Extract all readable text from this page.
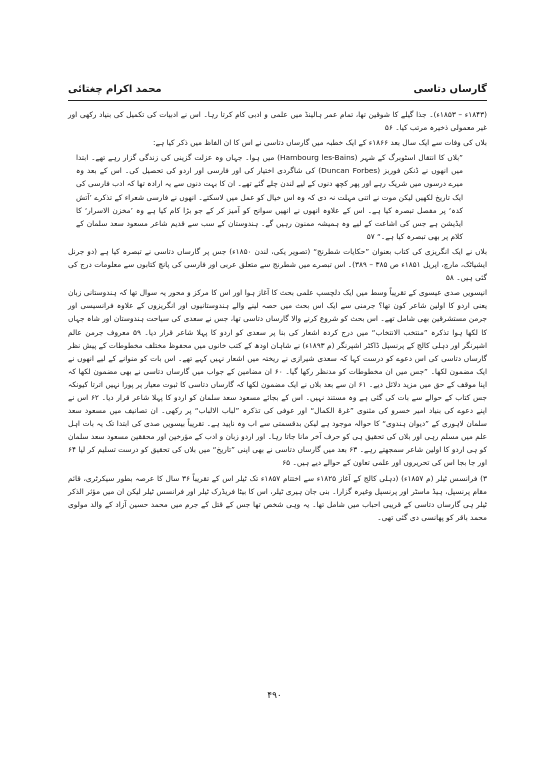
گارساں دتاسی
محمد اکرام چغتائی

(۱۸۴۳ء – ۱۸۵۳ء)۔ جذا گیلے کا شوقین تھا، تمام عمر ہالینڈ میں علمی و ادبی کام کرتا رہا۔ اس نے ادبیات کی تکمیل کی بنیاد رکھی اور غیر معمولی ذخیرہ مرتب کیا۔ ۵۶

بلاں کی وفات سے ایک سال بعد ۱۸۶۶ء کے ایک خطبہ میں گارساں دتاسی نے اس کا ان الفاظ میں ذکر کیا ہے:

”بلاں کا انتقال اسٹوبرگ کے شہر (Hambourg les-Bains) میں ہوا۔ جہاں وہ عزلت گزینی کی زندگی گزار رہے تھے۔ ابتدا میں انھوں نے ڈنکن فوربز (Duncan Forbes) کی شاگردی اختیار کی اور فارسی اور اردو کی تحصیل کی۔ اس کے بعد وہ میرے درسوں میں شریک رہے اور پھر کچھ دنوں کے لیے لندن چلے گئے تھے۔ ان کا بہت دنوں سے یہ ارادہ تھا کہ ادب فارسی کی ایک تاریخ لکھیں لیکن موت نے اتنی مہلت نہ دی کہ وہ اس خیال کو عمل میں لاسکتے۔ انھوں نے فارسی شعراء کے تذکرے ’آتش کدہ‘ پر مفصل تبصرہ کیا ہے۔ اس کے علاوہ انھوں نے انھیں سوانح کو آمیز کر کے جو بڑا کام کیا ہے وہ ’مخزن الاسرار‘ کا ایڈیشن ہے جس کی اشاعت کے لیے وہ ہمیشہ ممنون رہیں گے۔ ہندوستان کے سب سے قدیم شاعر مسعود سعد سلمان کے کلام پر بھی تبصرہ کیا ہے۔“ ۵۷

بلاں نے ایک انگریزی کی کتاب بعنوان ”حکایات شطرنج“ (تصویر یکی، لندن ۱۸۵۰ء) جس پر گارساں دتاسی نے تبصرہ کیا ہے (دو جرنل ایشیاٹک، مارچ، اپریل ۱۸۵۱ء ص ۳۸۵ – ۳۸۹)۔ اس تبصرے میں شطرنج سے متعلق عربی اور فارسی کی پانچ کتابوں سے معلومات درج کی گئی ہیں۔ ۵۸

انیسویں صدی عیسوی کے تقریباً وسط میں ایک دلچسپ علمی بحث کا آغاز ہوا اور اس کا مرکز و محور یہ سوال تھا کہ ہندوستانی زبان یعنی اردو کا اولین شاعر کون تھا؟ جرمنی سے ایک اس بحث میں حصہ لینے والے ہندوستانیوں اور انگریزوں کے علاوہ فرانسیسی اور جرمن مستشرقین بھی شامل تھے۔ اس بحث کو شروع کرنے والا گارساں دتاسی تھا، جس نے سعدی کی سیاحت ہندوستان اور شاہ جہاں کا لکھا ہوا تذکرہ ”منتخب الانتخاب“ میں درج کردہ اشعار کی بنا پر سعدی کو اردو کا پہلا شاعر قرار دیا۔ ۵۹ معروف جرمن عالم اشپرنگر اور دہلی کالج کے پرنسپل ڈاکٹر اشپرنگر (م ۱۸۹۳ء) نے شاہان اودھ کے کتب خانوں میں محفوظ مختلف مخطوطات کے پیش نظر گارساں دتاسی کی اس دعوے کو درست کہا کہ سعدی شیرازی نے ریختہ میں اشعار نہیں کہے تھے۔ اس بات کو منوانے کے لیے انھوں نے ایک مضمون لکھا۔ ”جس میں ان مخطوطات کو مدنظر رکھا گیا۔ ۶۰ ان مضامین کے جواب میں گارساں دتاسی نے بھی مضمون لکھا کہ اپنا موقف کے حق میں مزید دلائل دیے۔ ۶۱ ان سے بعد بلاں نے ایک مضمون لکھا کہ گارساں دتاسی کا ثبوت معیار پر پورا نہیں اترتا کیونکہ جس کتاب کے حوالے سے بات کی گئی ہے وہ مستند نہیں۔ اس کے بجائے مسعود سعد سلمان کو اردو کا پہلا شاعر قرار دیا۔ ۶۲ اس نے اپنے دعوے کی بنیاد امیر خسرو کی مثنوی ”غرۃ الکمال“ اور عوفی کی تذکرہ ”لباب الالباب“ پر رکھی۔ ان تصانیف میں مسعود سعد سلمان لاہوری کے ”دیوان ہندوی“ کا حوالہ موجود ہے لیکن بدقسمتی سے اب وہ ناپید ہے۔ تقریباً بیسویں صدی کی ابتدا تک یہ بات اہل علم میں مسلم رہی اور بلاں کی تحقیق ہی کو حرف آخر مانا جاتا رہا۔ اور اردو زبان و ادب کے مؤرخین اور محققین مسعود سعد سلمان کو ہی اردو کا اولین شاعر سمجھتے رہے۔ ۶۳ بعد میں گارساں دتاسی نے بھی اپنی ”تاریخ“ میں بلاں کی تحقیق کو درست تسلیم کر لیا ۶۴ اور جا بجا اس کی تحریروں اور علمی تعاون کے حوالے دیے ہیں۔ ۶۵

۳) فرانسس ٹیلر (م ۱۸۵۷ء) (دہلی کالج کے آغاز ۱۸۲۵ء سے اختتام ۱۸۵۷ء تک ٹیلر اس کے تقریباً ۳۶ سال کا عرصہ بطور سیکرٹری، قائم مقام پرنسپل، ہیڈ ماسٹر اور پرنسپل وغیرہ گزارا۔ بنی جان ہیری ٹیلر، اس کا بیٹا فریڈرک ٹیلر اور فرانسس ٹیلر لیکن ان میں مؤثر الذکر ٹیلر ہی گارساں دتاسی کے قریبی احباب میں شامل تھا۔ یہ وہی شخص تھا جس کے قتل کے جرم میں محمد حسین آزاد کے والد مولوی محمد باقر کو پھانسی دی گئی تھی۔

۴۹۰
